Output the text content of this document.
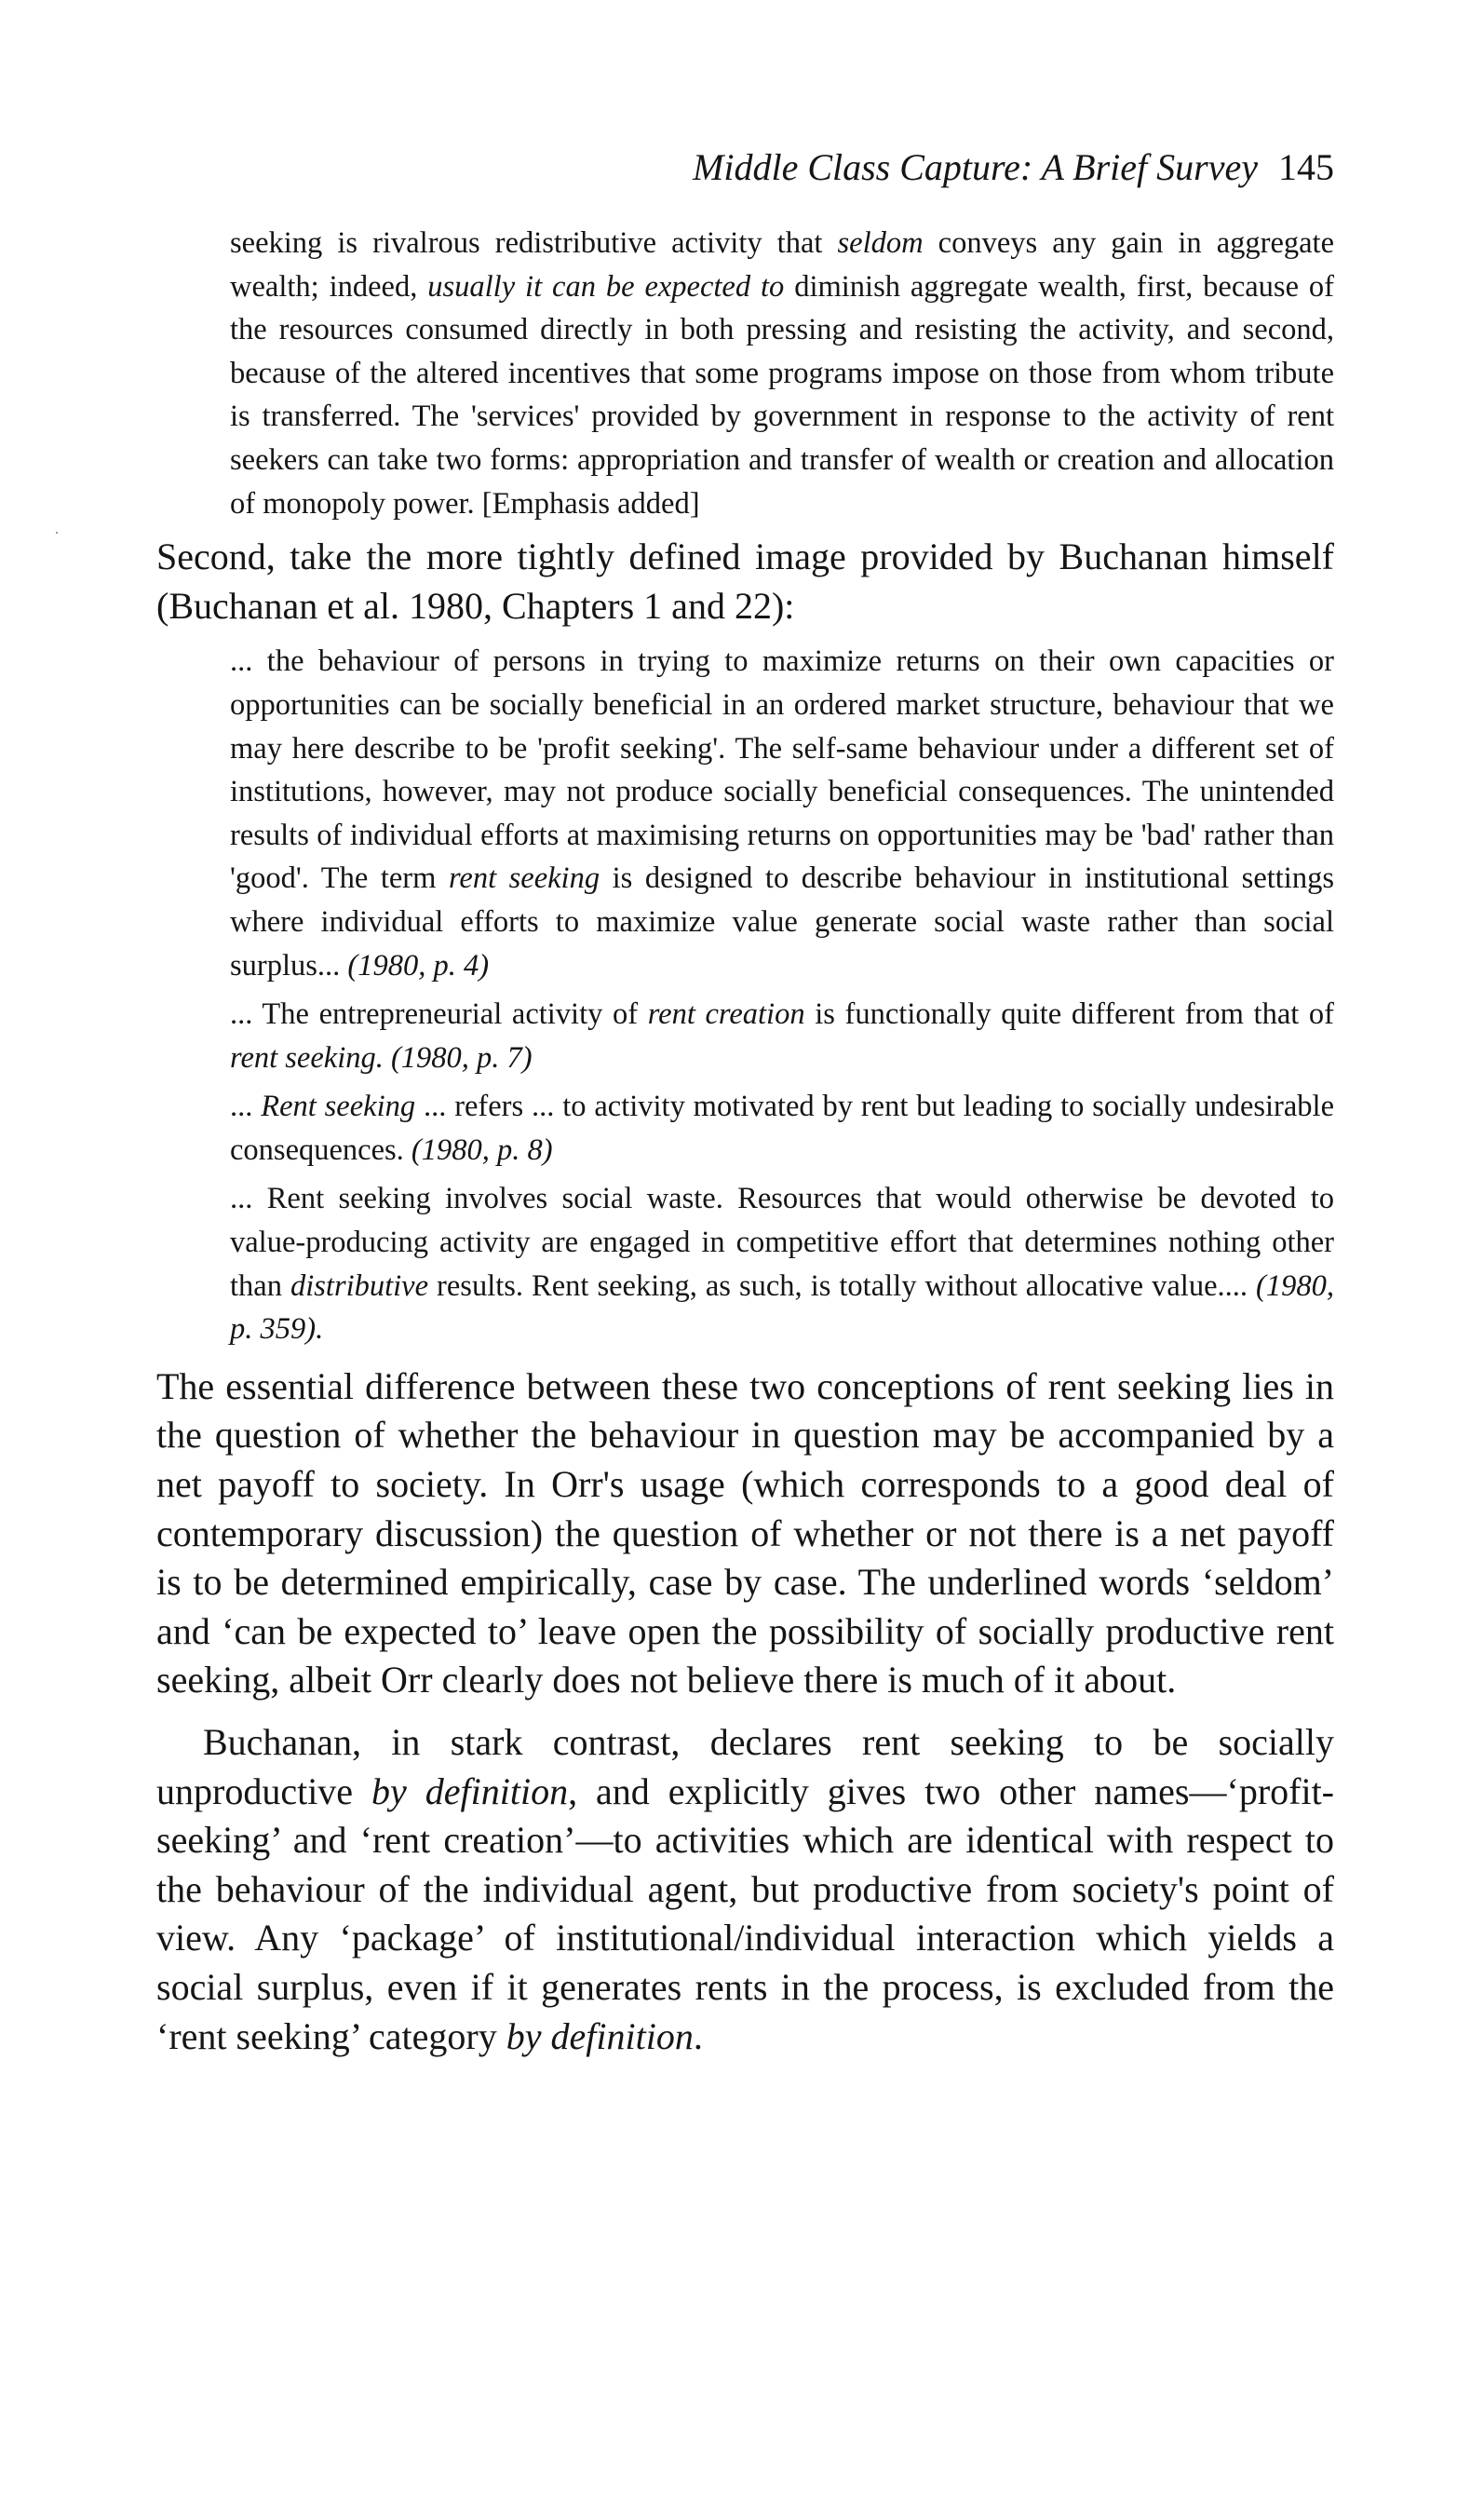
Middle Class Capture: A Brief Survey 145

seeking is rivalrous redistributive activity that seldom conveys any gain in aggregate wealth; indeed, usually it can be expected to diminish aggregate wealth, first, because of the resources consumed directly in both pressing and resisting the activity, and second, because of the altered incentives that some programs impose on those from whom tribute is transferred. The 'services' provided by government in response to the activity of rent seekers can take two forms: appropriation and transfer of wealth or creation and allocation of monopoly power. [Emphasis added]

Second, take the more tightly defined image provided by Buchanan himself (Buchanan et al. 1980, Chapters 1 and 22):

... the behaviour of persons in trying to maximize returns on their own capacities or opportunities can be socially beneficial in an ordered market structure, behaviour that we may here describe to be 'profit seeking'. The self-same behaviour under a different set of institutions, however, may not produce socially beneficial consequences. The unintended results of individual efforts at maximising returns on opportunities may be 'bad' rather than 'good'. The term rent seeking is designed to describe behaviour in institutional settings where individual efforts to maximize value generate social waste rather than social surplus... (1980, p. 4)

... The entrepreneurial activity of rent creation is functionally quite different from that of rent seeking. (1980, p. 7)

... Rent seeking ... refers ... to activity motivated by rent but leading to socially undesirable consequences. (1980, p. 8)

... Rent seeking involves social waste. Resources that would otherwise be devoted to value-producing activity are engaged in competitive effort that determines nothing other than distributive results. Rent seeking, as such, is totally without allocative value.... (1980, p. 359).

The essential difference between these two conceptions of rent seeking lies in the question of whether the behaviour in question may be accompanied by a net payoff to society. In Orr's usage (which corresponds to a good deal of contemporary discussion) the question of whether or not there is a net payoff is to be determined empirically, case by case. The underlined words ‘seldom’ and ‘can be expected to’ leave open the possibility of socially productive rent seeking, albeit Orr clearly does not believe there is much of it about.

Buchanan, in stark contrast, declares rent seeking to be socially unproductive by definition, and explicitly gives two other names—‘profit-seeking’ and ‘rent creation’—to activities which are identical with respect to the behaviour of the individual agent, but productive from society's point of view. Any ‘package’ of institutional/individual interaction which yields a social surplus, even if it generates rents in the process, is excluded from the ‘rent seeking’ category by definition.
